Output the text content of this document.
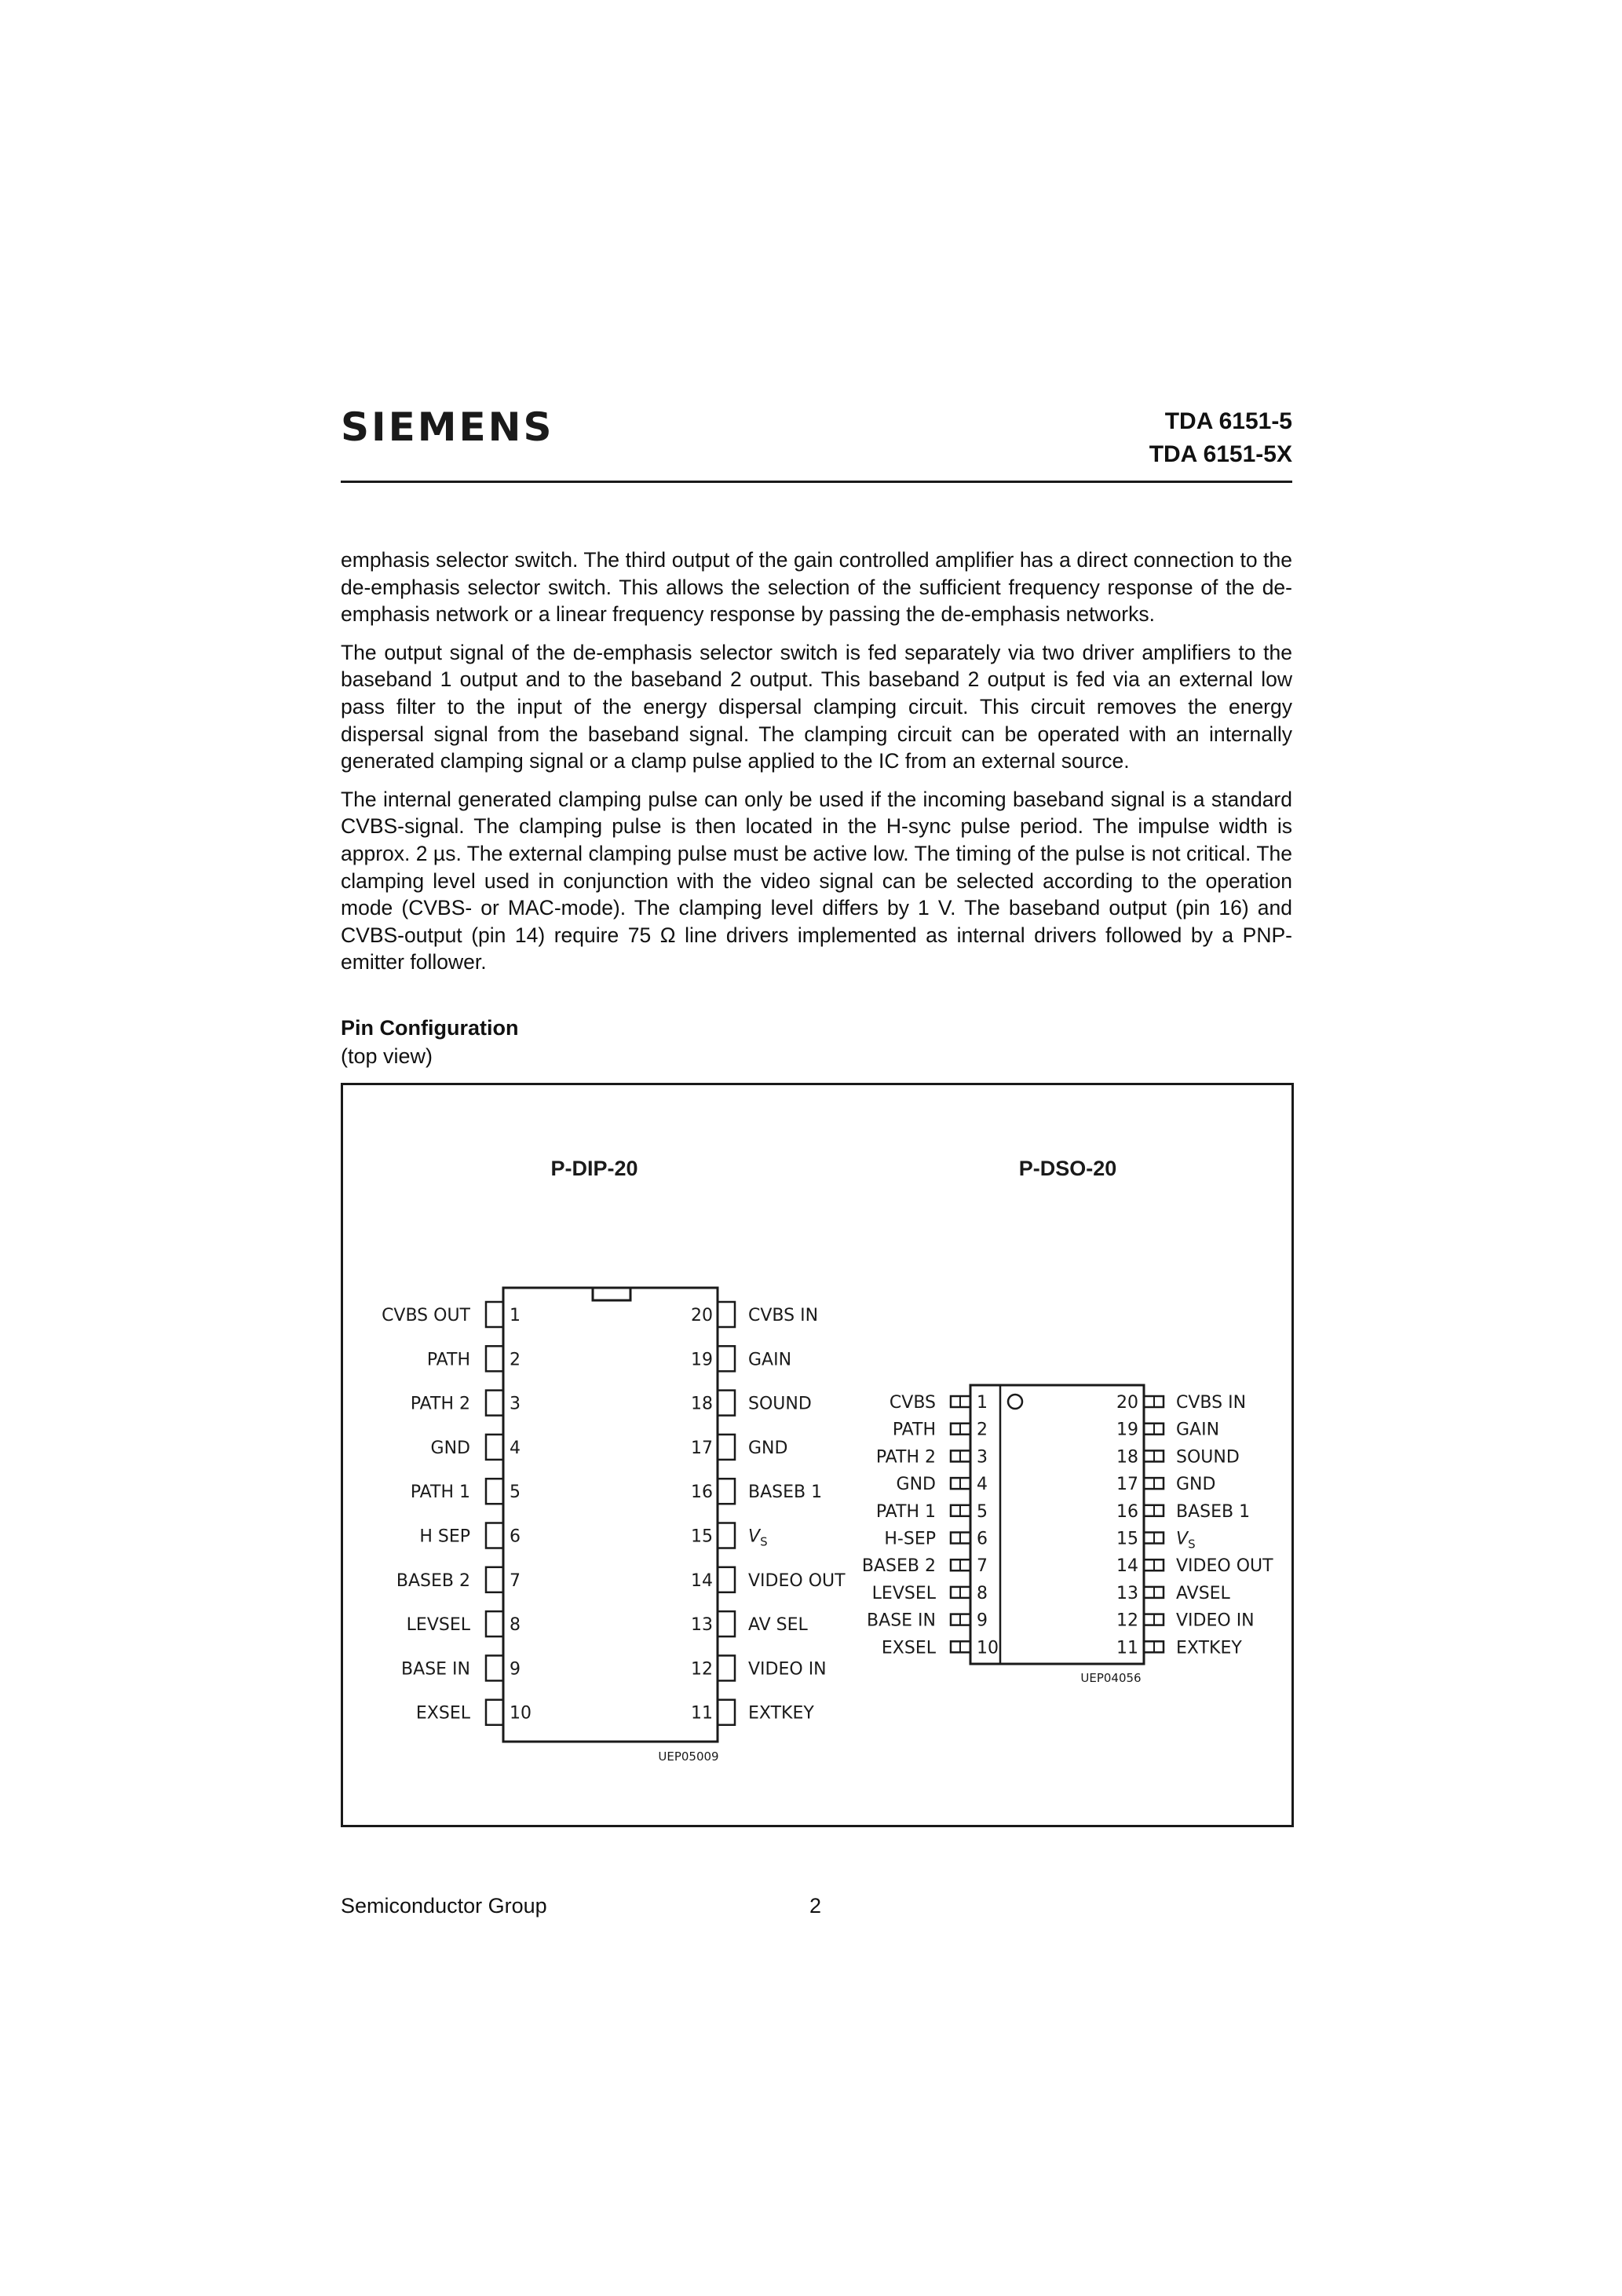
SIEMENS	TDA 6151-5
TDA 6151-5X

emphasis selector switch. The third output of the gain controlled amplifier has a direct connection to the de-emphasis selector switch. This allows the selection of the sufficient frequency response of the de-emphasis network or a linear frequency response by passing the de-emphasis networks.

The output signal of the de-emphasis selector switch is fed separately via two driver amplifiers to the baseband 1 output and to the baseband 2 output. This baseband 2 output is fed via an external low pass filter to the input of the energy dispersal clamping circuit. This circuit removes the energy dispersal signal from the baseband signal. The clamping circuit can be operated with an internally generated clamping signal or a clamp pulse applied to the IC from an external source.

The internal generated clamping pulse can only be used if the incoming baseband signal is a standard CVBS-signal. The clamping pulse is then located in the H-sync pulse period. The impulse width is approx. 2 µs. The external clamping pulse must be active low. The timing of the pulse is not critical. The clamping level used in conjunction with the video signal can be selected according to the operation mode (CVBS- or MAC-mode). The clamping level differs by 1 V. The baseband output (pin 16) and CVBS-output (pin 14) require 75 Ω line drivers implemented as internal drivers followed by a PNP-emitter follower.

Pin Configuration
(top view)
P-DIP-20
1
CVBS OUT
2
PATH
3
PATH 2
4
GND
5
PATH 1
6
H SEP
7
BASEB 2
8
LEVSEL
9
BASE IN
10
EXSEL
20 CVBS IN
19 GAIN
18 SOUND
17 GND
16 BASEB 1
15 $V_S$
14 VIDEO OUT
13 AV SEL
12 VIDEO IN
11 EXTKEY
UEP05009
P-DSO-20
1
CVBS
2
PATH
3
PATH 2
4
GND
5
PATH 1
6
H-SEP
7
BASEB 2
8
LEVSEL
9
BASE IN
10
EXSEL
20 CVBS IN
19 GAIN
18 SOUND
17 GND
16 BASEB 1
15 $V_S$
14 VIDEO OUT
13 AVSEL
12 VIDEO IN
11 EXTKEY
UEP04056
Semiconductor Group	2
